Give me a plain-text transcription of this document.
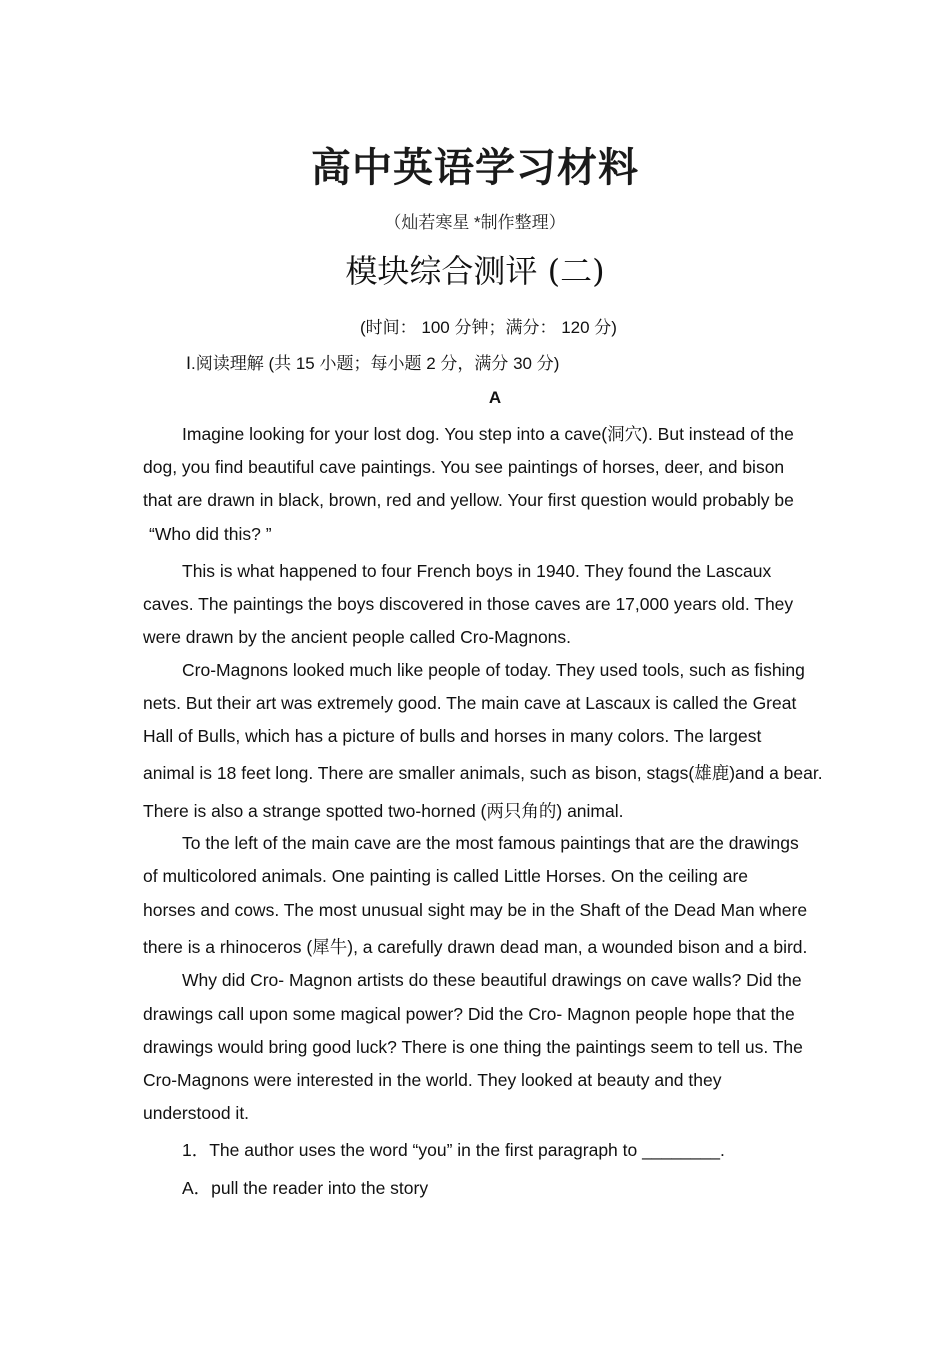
高中英语学习材料
（灿若寒星 *制作整理）
模块综合测评 (二)
(时间： 100 分钟；满分： 120 分)
Ⅰ.阅读理解 (共 15 小题；每小题 2 分，满分 30 分)
A

Imagine looking for your lost dog. You step into a cave(洞穴). But instead of the

dog, you find beautiful cave paintings. You see paintings of horses, deer, and bison

that are drawn in black, brown, red and yellow. Your first question would probably be

“Who did this? ”

This is what happened to four French boys in 1940. They found the Lascaux

caves. The paintings the boys discovered in those caves are 17,000 years old. They

were drawn by the ancient people called Cro-Magnons.

Cro-Magnons looked much like people of today. They used tools, such as fishing

nets. But their art was extremely good. The main cave at Lascaux is called the Great

Hall of Bulls, which has a picture of bulls and horses in many colors. The largest

animal is 18 feet long. There are smaller animals, such as bison, stags(雄鹿)and a bear.

There is also a strange spotted two-horned (两只角的) animal.

To the left of the main cave are the most famous paintings that are the drawings

of multicolored animals. One painting is called Little Horses. On the ceiling are

horses and cows. The most unusual sight may be in the Shaft of the Dead Man where

there is a rhinoceros (犀牛), a carefully drawn dead man, a wounded bison and a bird.

Why did Cro- Magnon artists do these beautiful drawings on cave walls? Did the

drawings call upon some magical power? Did the Cro- Magnon people hope that the

drawings would bring good luck? There is one thing the paintings seem to tell us. The

Cro-Magnons were interested in the world. They looked at beauty and they

understood it.

1．The author uses the word “you” in the first paragraph to ________.
A．pull the reader into the story
